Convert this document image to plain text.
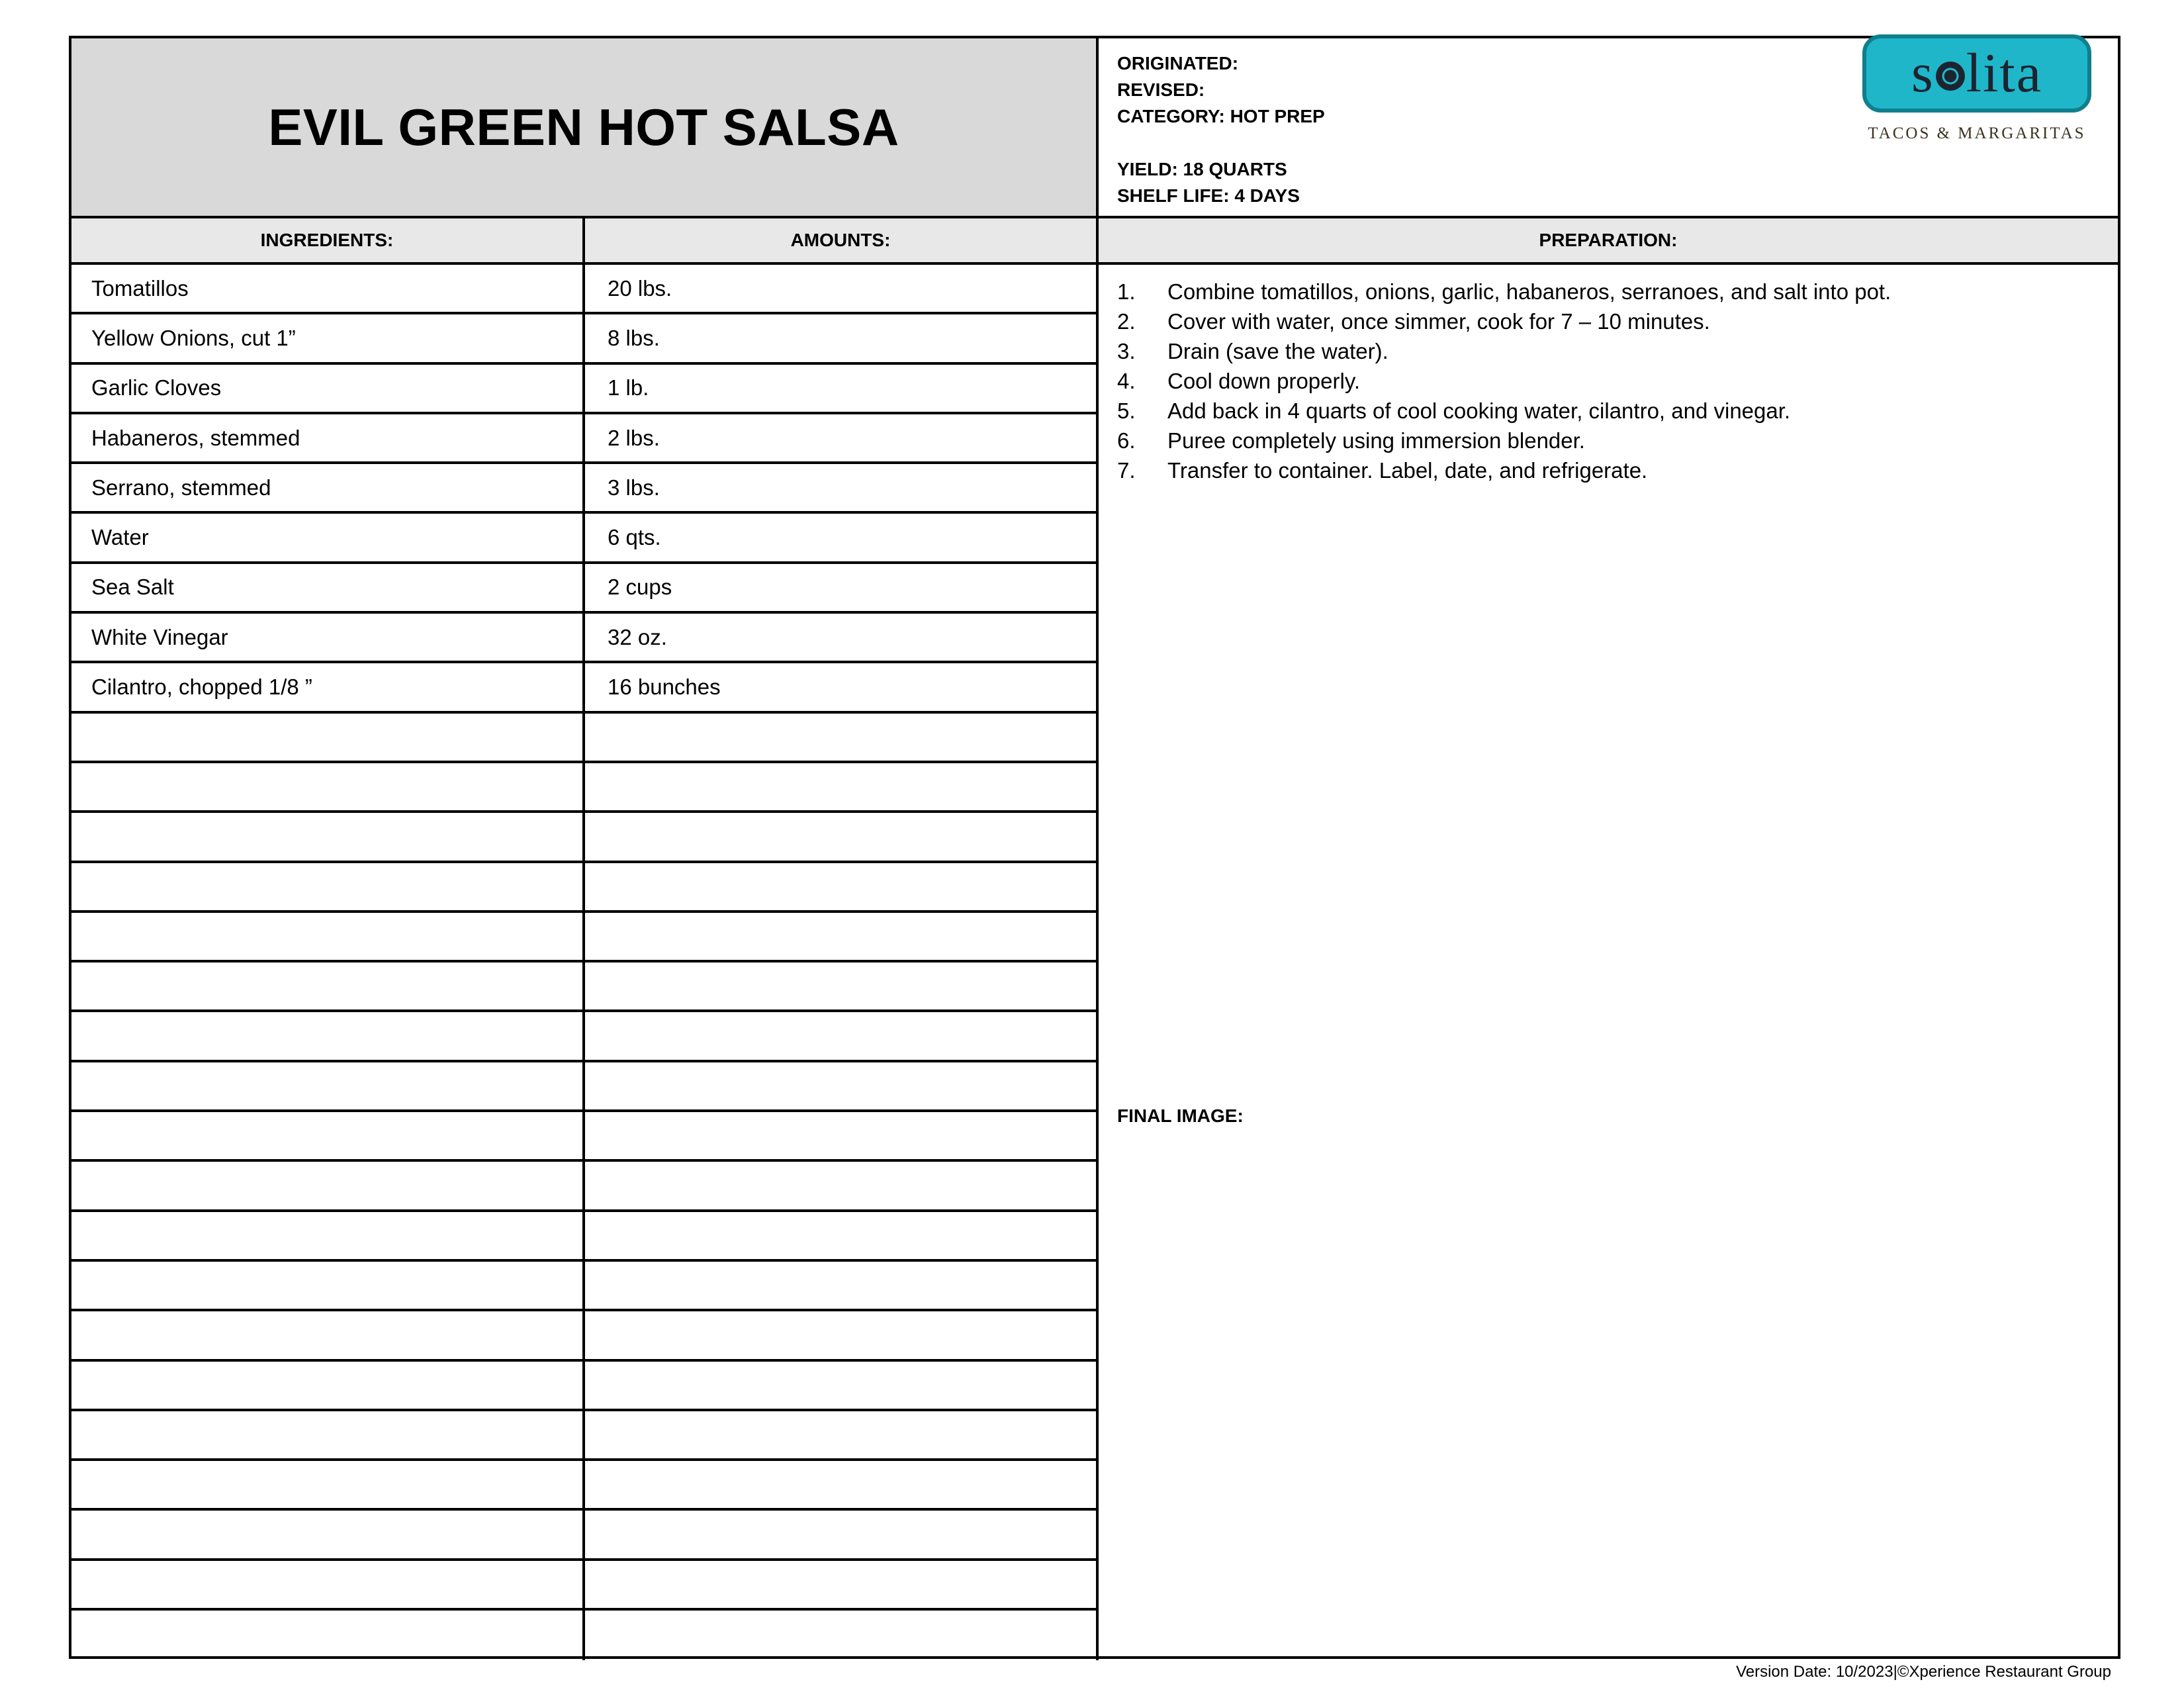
EVIL GREEN HOT SALSA
ORIGINATED:
REVISED:
CATEGORY: HOT PREP
YIELD: 18 QUARTS
SHELF LIFE: 4 DAYS
INGREDIENTS:	AMOUNTS:	PREPARATION:
Tomatillos	20 lbs.
Yellow Onions, cut 1”	8 lbs.
Garlic Cloves	1 lb.
Habaneros, stemmed	2 lbs.
Serrano, stemmed	3 lbs.
Water	6 qts.
Sea Salt	2 cups
White Vinegar	32 oz.
Cilantro, chopped 1/8 ”	16 bunches
1.	Combine tomatillos, onions, garlic, habaneros, serranoes, and salt into pot.
2.	Cover with water, once simmer, cook for 7 – 10 minutes.
3.	Drain (save the water).
4.	Cool down properly.
5.	Add back in 4 quarts of cool cooking water, cilantro, and vinegar.
6.	Puree completely using immersion blender.
7.	Transfer to container. Label, date, and refrigerate.
FINAL IMAGE:
s lita
TACOS & MARGARITAS
Version Date: 10/2023|©Xperience Restaurant Group
